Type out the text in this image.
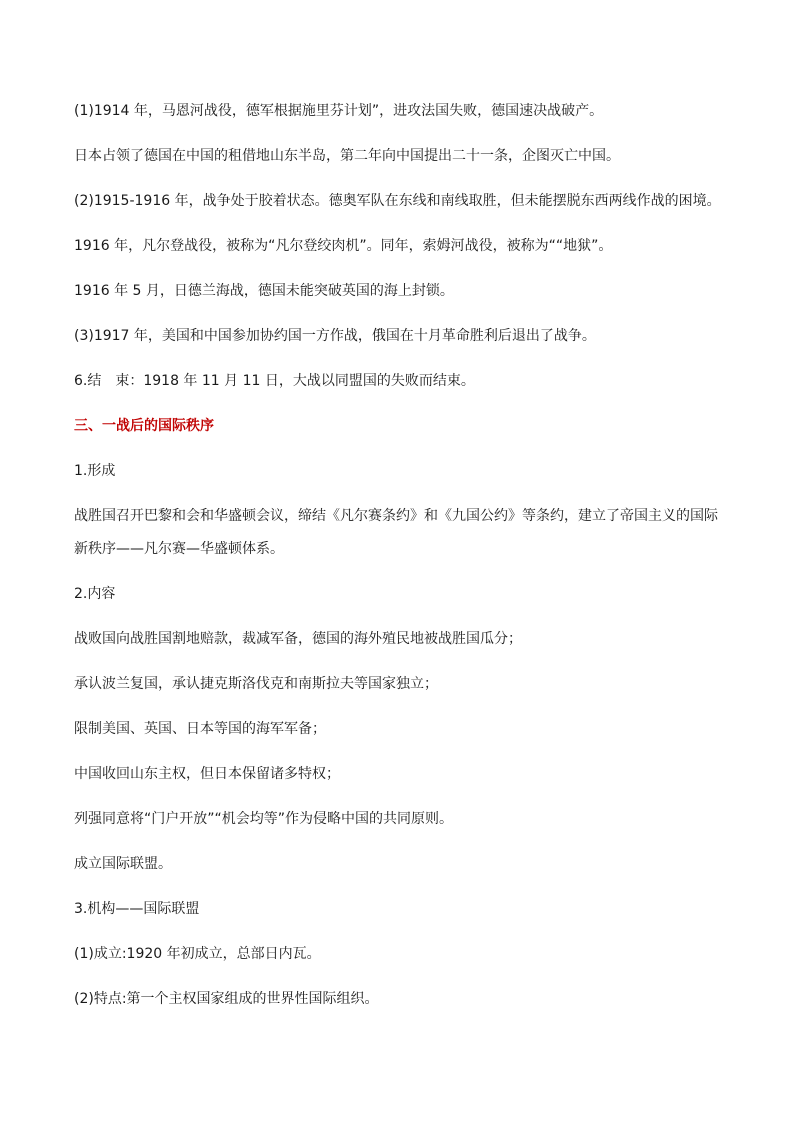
(1)1914 年，马恩河战役，德军根据施里芬计划”，进攻法国失败，德国速决战破产。
日本占领了德国在中国的租借地山东半岛，第二年向中国提出二十一条，企图灭亡中国。
(2)1915-1916 年，战争处于胶着状态。德奥军队在东线和南线取胜，但未能摆脱东西两线作战的困境。
1916 年，凡尔登战役，被称为“凡尔登绞肉机”。同年，索姆河战役，被称为““地狱”。
1916 年 5 月，日德兰海战，德国未能突破英国的海上封锁。
(3)1917 年，美国和中国参加协约国一方作战，俄国在十月革命胜利后退出了战争。
6.结　束：1918 年 11 月 11 日，大战以同盟国的失败而结束。
三、一战后的国际秩序
1.形成
战胜国召开巴黎和会和华盛顿会议，缔结《凡尔赛条约》和《九国公约》等条约，建立了帝国主义的国际
新秩序——凡尔赛—华盛顿体系。
2.内容
战败国向战胜国割地赔款，裁减军备，德国的海外殖民地被战胜国瓜分；
承认波兰复国，承认捷克斯洛伐克和南斯拉夫等国家独立；
限制美国、英国、日本等国的海军军备；
中国收回山东主权，但日本保留诸多特权；
列强同意将“门户开放”“机会均等”作为侵略中国的共同原则。
成立国际联盟。
3.机构——国际联盟
(1)成立:1920 年初成立，总部日内瓦。
(2)特点:第一个主权国家组成的世界性国际组织。
